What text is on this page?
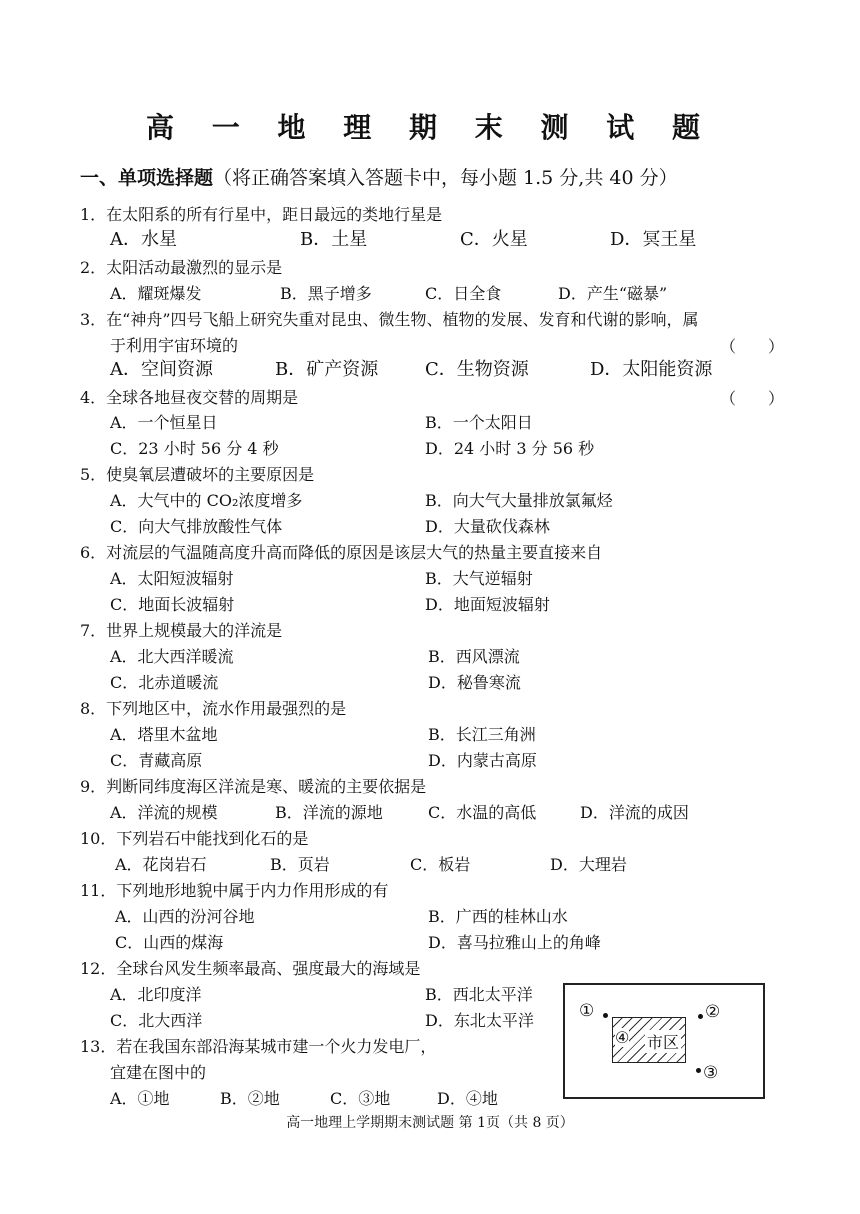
高 一 地 理 期 末 测 试 题
一、单项选择题（将正确答案填入答题卡中，每小题 1.5 分,共 40 分）
1．在太阳系的所有行星中，距日最远的类地行星是
A．水星	B．土星	C．火星	D．冥王星
2．太阳活动最激烈的显示是
A．耀斑爆发	B．黑子增多	C．日全食	D．产生“磁暴”
3．在“神舟”四号飞船上研究失重对昆虫、微生物、植物的发展、发育和代谢的影响，属
于利用宇宙环境的	（　　）
A．空间资源	B．矿产资源	C．生物资源	D．太阳能资源
4．全球各地昼夜交替的周期是	（　　）
A．一个恒星日	B．一个太阳日
C．23 小时 56 分 4 秒	D．24 小时 3 分 56 秒
5．使臭氧层遭破坏的主要原因是
A．大气中的 CO₂浓度增多	B．向大气大量排放氯氟烃
C．向大气排放酸性气体	D．大量砍伐森林
6．对流层的气温随高度升高而降低的原因是该层大气的热量主要直接来自
A．太阳短波辐射	B．大气逆辐射
C．地面长波辐射	D．地面短波辐射
7．世界上规模最大的洋流是
A．北大西洋暖流	B．西风漂流
C．北赤道暖流	D．秘鲁寒流
8．下列地区中，流水作用最强烈的是
A．塔里木盆地	B．长江三角洲
C．青藏高原	D．内蒙古高原
9．判断同纬度海区洋流是寒、暖流的主要依据是
A．洋流的规模	B．洋流的源地	C．水温的高低	D．洋流的成因
10．下列岩石中能找到化石的是
A．花岗岩石	B．页岩	C．板岩	D．大理岩
11．下列地形地貌中属于内力作用形成的有
A．山西的汾河谷地	B．广西的桂林山水
C．山西的煤海	D．喜马拉雅山上的角峰
12．全球台风发生频率最高、强度最大的海域是
A．北印度洋	B．西北太平洋
C．北大西洋	D．东北太平洋
13．若在我国东部沿海某城市建一个火力发电厂，
宜建在图中的
A．①地	B．②地	C．③地	D．④地
①	②
④ 市区
③
高一地理上学期期末测试题 第 1页（共 8 页）
